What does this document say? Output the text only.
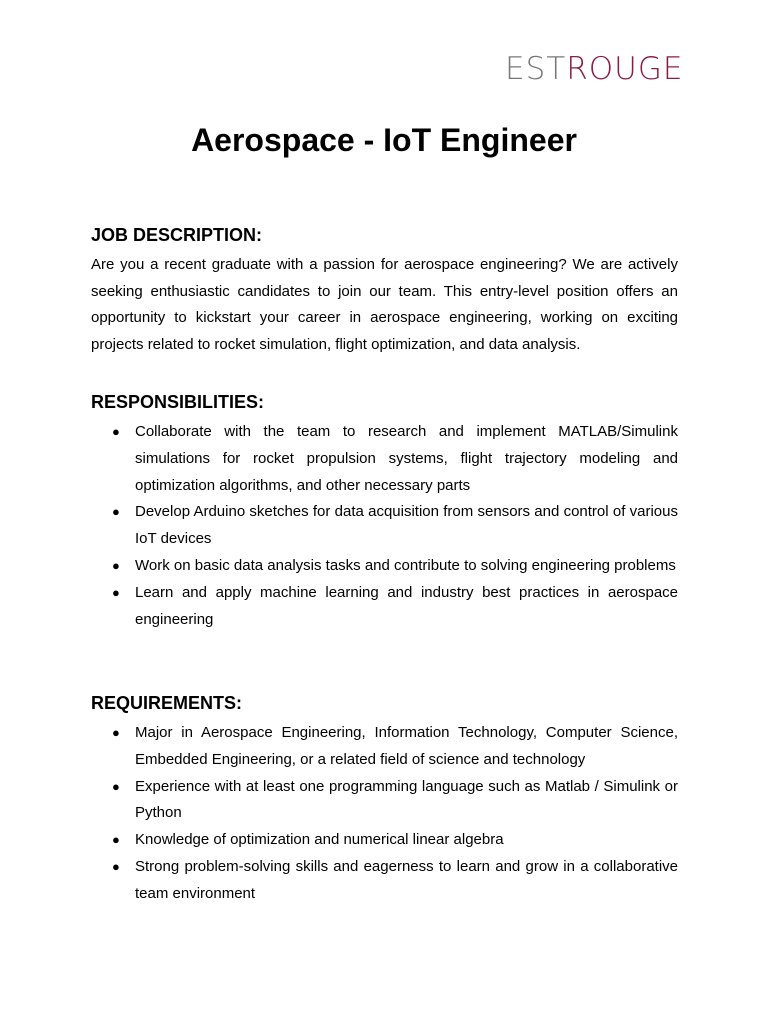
EST ROUGE
Aerospace - IoT Engineer
JOB DESCRIPTION:

Are you a recent graduate with a passion for aerospace engineering? We are actively seeking enthusiastic candidates to join our team. This entry-level position offers an opportunity to kickstart your career in aerospace engineering, working on exciting projects related to rocket simulation, flight optimization, and data analysis.

RESPONSIBILITIES:
● Collaborate with the team to research and implement MATLAB/Simulink simulations for rocket propulsion systems, flight trajectory modeling and optimization algorithms, and other necessary parts
● Develop Arduino sketches for data acquisition from sensors and control of various IoT devices
● Work on basic data analysis tasks and contribute to solving engineering problems
● Learn and apply machine learning and industry best practices in aerospace engineering
REQUIREMENTS:
● Major in Aerospace Engineering, Information Technology, Computer Science, Embedded Engineering, or a related field of science and technology
● Experience with at least one programming language such as Matlab / Simulink or Python
● Knowledge of optimization and numerical linear algebra
● Strong problem-solving skills and eagerness to learn and grow in a collaborative team environment
